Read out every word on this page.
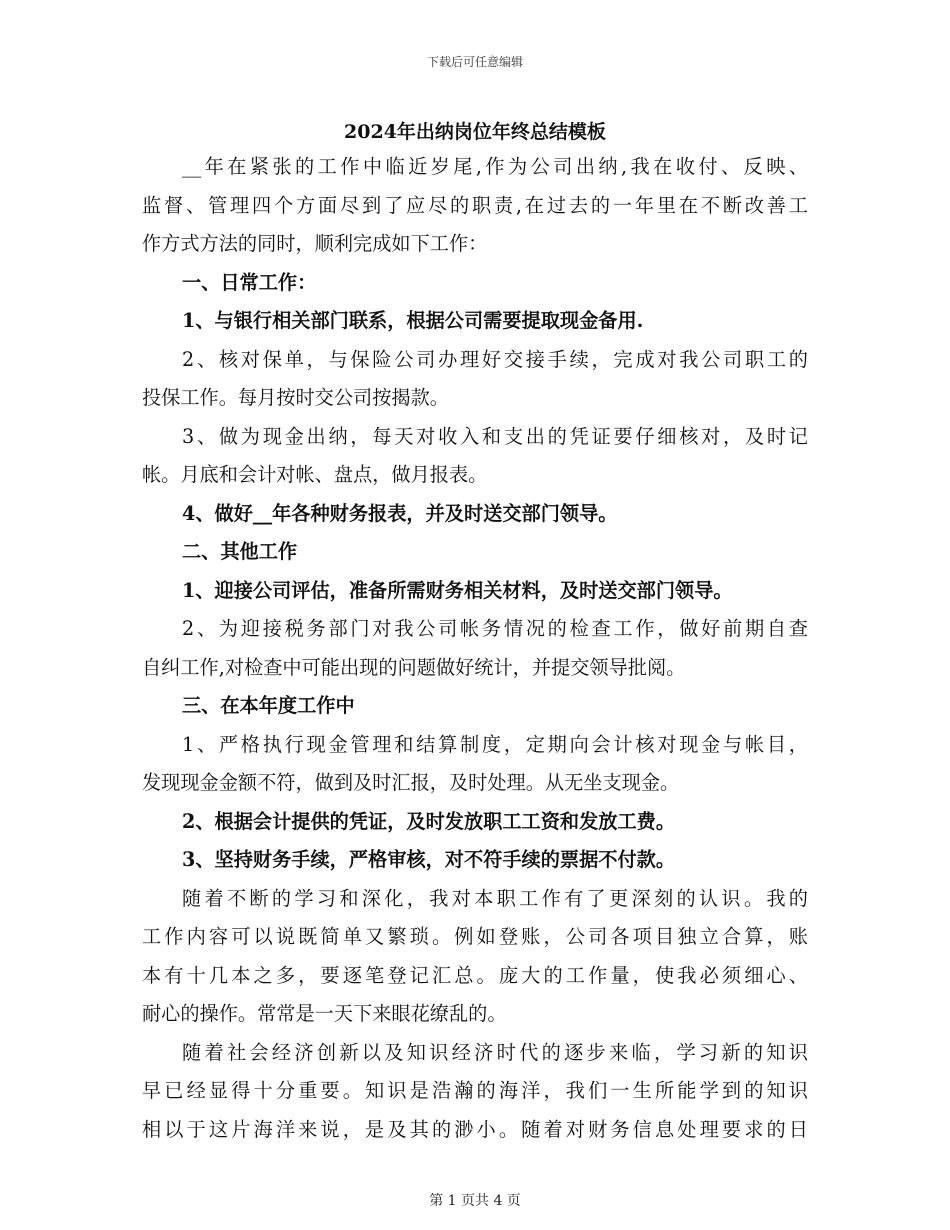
下载后可任意编辑
2024年出纳岗位年终总结模板
__年在紧张的工作中临近岁尾,作为公司出纳,我在收付、反映、
监督、管理四个方面尽到了应尽的职责,在过去的一年里在不断改善工
作方式方法的同时，顺利完成如下工作：
一、日常工作：
1、与银行相关部门联系，根据公司需要提取现金备用.
2、核对保单，与保险公司办理好交接手续，完成对我公司职工的
投保工作。每月按时交公司按揭款。
3、做为现金出纳，每天对收入和支出的凭证要仔细核对，及时记
帐。月底和会计对帐、盘点，做月报表。
4、做好__年各种财务报表，并及时送交部门领导。
二、其他工作
1、迎接公司评估，准备所需财务相关材料，及时送交部门领导。
2、为迎接税务部门对我公司帐务情况的检查工作，做好前期自查
自纠工作,对检查中可能出现的问题做好统计，并提交领导批阅。
三、在本年度工作中
1、严格执行现金管理和结算制度，定期向会计核对现金与帐目，
发现现金金额不符，做到及时汇报，及时处理。从无坐支现金。
2、根据会计提供的凭证，及时发放职工工资和发放工费。
3、坚持财务手续，严格审核，对不符手续的票据不付款。
随着不断的学习和深化，我对本职工作有了更深刻的认识。我的
工作内容可以说既简单又繁琐。例如登账，公司各项目独立合算，账
本有十几本之多，要逐笔登记汇总。庞大的工作量，使我必须细心、
耐心的操作。常常是一天下来眼花缭乱的。
随着社会经济创新以及知识经济时代的逐步来临，学习新的知识
早已经显得十分重要。知识是浩瀚的海洋，我们一生所能学到的知识
相以于这片海洋来说，是及其的渺小。随着对财务信息处理要求的日
第 1 页共 4 页
